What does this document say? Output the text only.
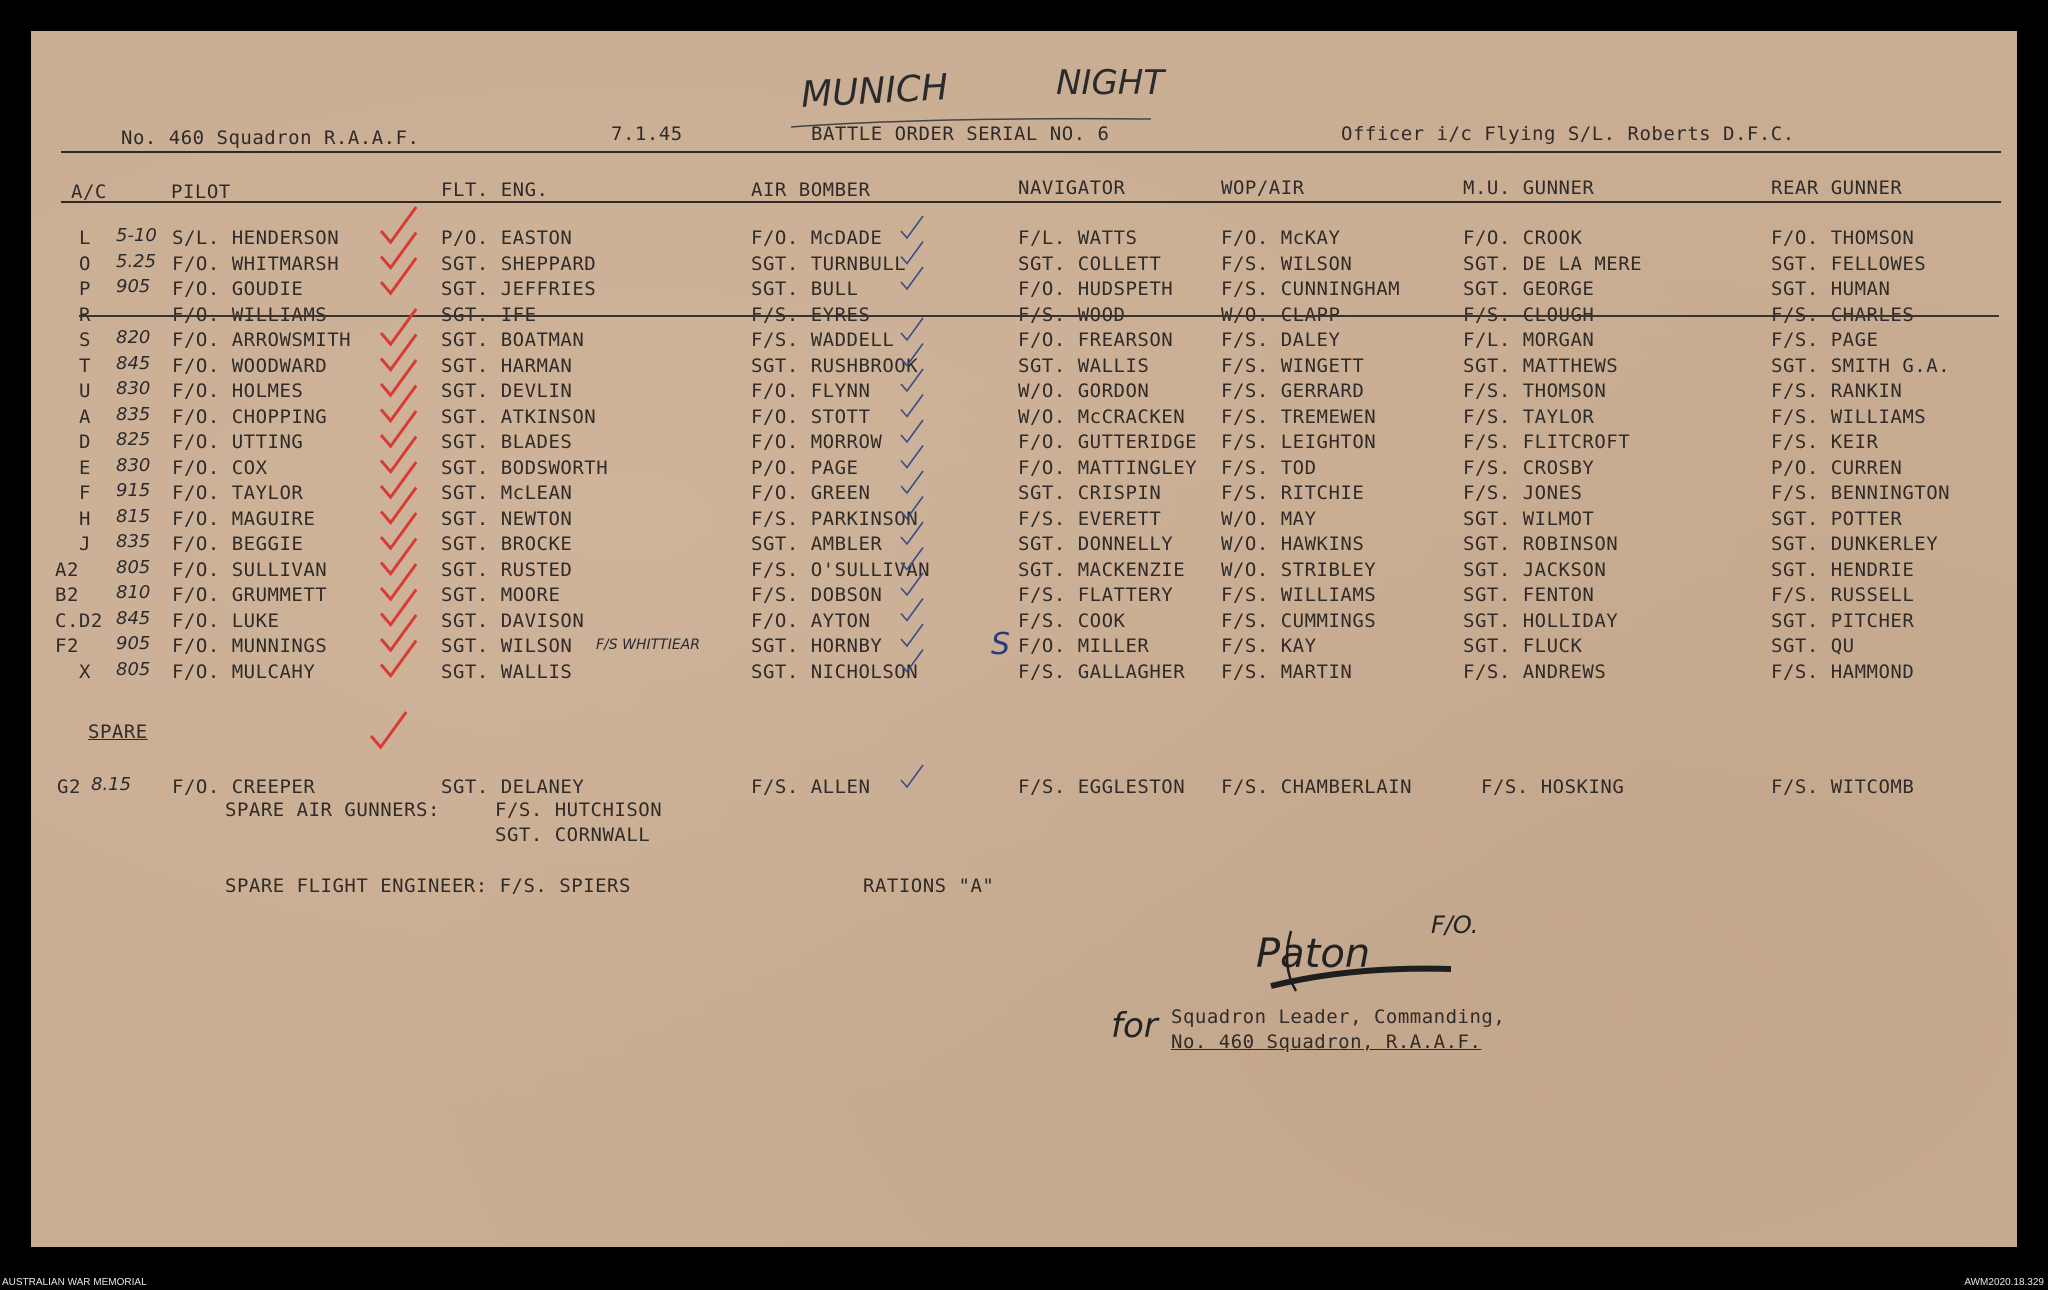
MUNICH	NIGHT
No. 460 Squadron R.A.A.F.	7.1.45	BATTLE ORDER SERIAL NO. 6	Officer i/c Flying S/L. Roberts D.F.C.
A/C	PILOT	FLT. ENG.	AIR BOMBER	NAVIGATOR	WOP/AIR	M.U. GUNNER	REAR GUNNER
L 5-10 S/L. HENDERSON	P/O. EASTON	F/O. McDADE	F/L. WATTS	F/O. McKAY	F/O. CROOK	F/O. THOMSON
O 5.25 F/O. WHITMARSH	SGT. SHEPPARD	SGT. TURNBULL	SGT. COLLETT	F/S. WILSON	SGT. DE LA MERE	SGT. FELLOWES
P 905 F/O. GOUDIE	SGT. JEFFRIES	SGT. BULL	F/O. HUDSPETH	F/S. CUNNINGHAM	SGT. GEORGE	SGT. HUMAN
R	F/O. WILLIAMS	SGT. IFE	F/S. EYRES	F/S. WOOD	W/O. CLAPP	F/S. CLOUGH	F/S. CHARLES
S 820 F/O. ARROWSMITH	SGT. BOATMAN	F/S. WADDELL	F/O. FREARSON	F/S. DALEY	F/L. MORGAN	F/S. PAGE
T 845 F/O. WOODWARD	SGT. HARMAN	SGT. RUSHBROOK	SGT. WALLIS	F/S. WINGETT	SGT. MATTHEWS	SGT. SMITH G.A.
U 830 F/O. HOLMES	SGT. DEVLIN	F/O. FLYNN	W/O. GORDON	F/S. GERRARD	F/S. THOMSON	F/S. RANKIN
A 835 F/O. CHOPPING	SGT. ATKINSON	F/O. STOTT	W/O. McCRACKEN F/S. TREMEWEN	F/S. TAYLOR	F/S. WILLIAMS
D 825 F/O. UTTING	SGT. BLADES	F/O. MORROW	F/O. GUTTERIDGE F/S. LEIGHTON	F/S. FLITCROFT	F/S. KEIR
E 830 F/O. COX	SGT. BODSWORTH	P/O. PAGE	F/O. MATTINGLEY F/S. TOD	F/S. CROSBY	P/O. CURREN
F 915 F/O. TAYLOR	SGT. McLEAN	F/O. GREEN	SGT. CRISPIN	F/S. RITCHIE	F/S. JONES	F/S. BENNINGTON
H 815 F/O. MAGUIRE	SGT. NEWTON	F/S. PARKINSON	F/S. EVERETT	W/O. MAY	SGT. WILMOT	SGT. POTTER
J 835 F/O. BEGGIE	SGT. BROCKE	SGT. AMBLER	SGT. DONNELLY	W/O. HAWKINS	SGT. ROBINSON	SGT. DUNKERLEY
A2 805 F/O. SULLIVAN	SGT. RUSTED	F/S. O'SULLIVAN	SGT. MACKENZIE W/O. STRIBLEY	SGT. JACKSON	SGT. HENDRIE
B2 810 F/O. GRUMMETT	SGT. MOORE	F/S. DOBSON	F/S. FLATTERY	F/S. WILLIAMS	SGT. FENTON	F/S. RUSSELL
C.D2 845 F/O. LUKE	SGT. DAVISON	F/O. AYTON	F/S. COOK	F/S. CUMMINGS	SGT. HOLLIDAY	SGT. PITCHER
F2 905 F/O. MUNNINGS	SGT. WILSON F/S WHITTIEAR	SGT. HORNBY	S F/O. MILLER	F/S. KAY	SGT. FLUCK	SGT. QU
X 805 F/O. MULCAHY	SGT. WALLIS	SGT. NICHOLSON	F/S. GALLAGHER F/S. MARTIN	F/S. ANDREWS	F/S. HAMMOND
G2 8.15 F/O. CREEPER	SGT. DELANEY	F/S. ALLEN	F/S. EGGLESTON F/S. CHAMBERLAIN	F/S. HOSKING	F/S. WITCOMB
SPARE
SPARE AIR GUNNERS:	F/S. HUTCHISON
SGT. CORNWALL
SPARE FLIGHT ENGINEER: F/S. SPIERS	RATIONS "A"
for
Paton
F/O.
Squadron Leader, Commanding,
No. 460 Squadron, R.A.A.F.
AUSTRALIAN WAR MEMORIAL	AWM2020.18.329
